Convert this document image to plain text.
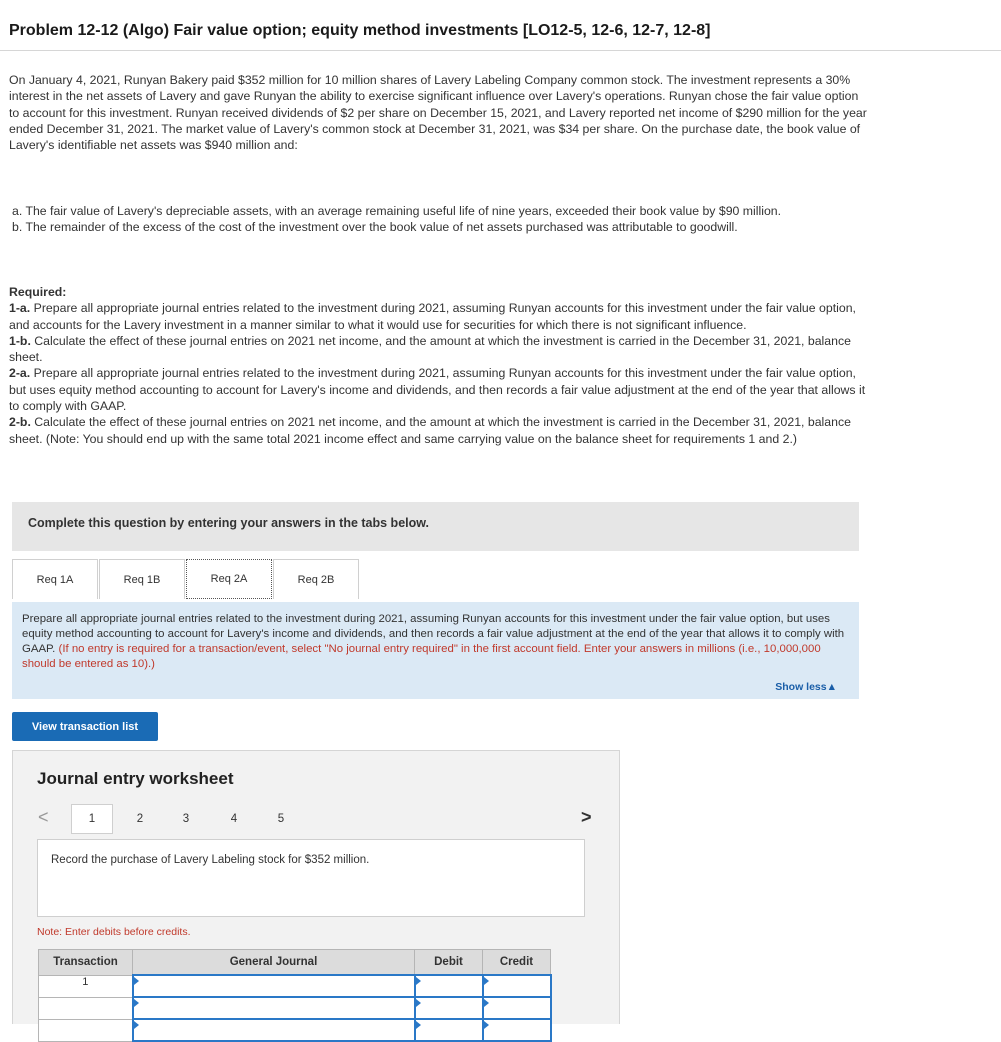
Problem 12-12 (Algo) Fair value option; equity method investments [LO12-5, 12-6, 12-7, 12-8]

On January 4, 2021, Runyan Bakery paid $352 million for 10 million shares of Lavery Labeling Company common stock. The investment represents a 30% interest in the net assets of Lavery and gave Runyan the ability to exercise significant influence over Lavery's operations. Runyan chose the fair value option to account for this investment. Runyan received dividends of $2 per share on December 15, 2021, and Lavery reported net income of $290 million for the year ended December 31, 2021. The market value of Lavery's common stock at December 31, 2021, was $34 per share. On the purchase date, the book value of Lavery's identifiable net assets was $940 million and:

a. The fair value of Lavery's depreciable assets, with an average remaining useful life of nine years, exceeded their book value by $90 million.
b. The remainder of the excess of the cost of the investment over the book value of net assets purchased was attributable to goodwill.
Required:
1-a. Prepare all appropriate journal entries related to the investment during 2021, assuming Runyan accounts for this investment under the fair value option, and accounts for the Lavery investment in a manner similar to what it would use for securities for which there is not significant influence.
1-b. Calculate the effect of these journal entries on 2021 net income, and the amount at which the investment is carried in the December 31, 2021, balance sheet.
2-a. Prepare all appropriate journal entries related to the investment during 2021, assuming Runyan accounts for this investment under the fair value option, but uses equity method accounting to account for Lavery's income and dividends, and then records a fair value adjustment at the end of the year that allows it to comply with GAAP.
2-b. Calculate the effect of these journal entries on 2021 net income, and the amount at which the investment is carried in the December 31, 2021, balance sheet. (Note: You should end up with the same total 2021 income effect and same carrying value on the balance sheet for requirements 1 and 2.)
Complete this question by entering your answers in the tabs below.
Req 1A	Req 1B	Req 2A	Req 2B
Prepare all appropriate journal entries related to the investment during 2021, assuming Runyan accounts for this investment under the fair value option, but uses equity method accounting to account for Lavery's income and dividends, and then records a fair value adjustment at the end of the year that allows it to comply with GAAP. (If no entry is required for a transaction/event, select "No journal entry required" in the first account field. Enter your answers in millions (i.e., 10,000,000 should be entered as 10).)
Show less▲
View transaction list
Journal entry worksheet
<	1	2	3	4	5	>
Record the purchase of Lavery Labeling stock for $352 million.
Note: Enter debits before credits.
Transaction	General Journal	Debit	Credit
1	
